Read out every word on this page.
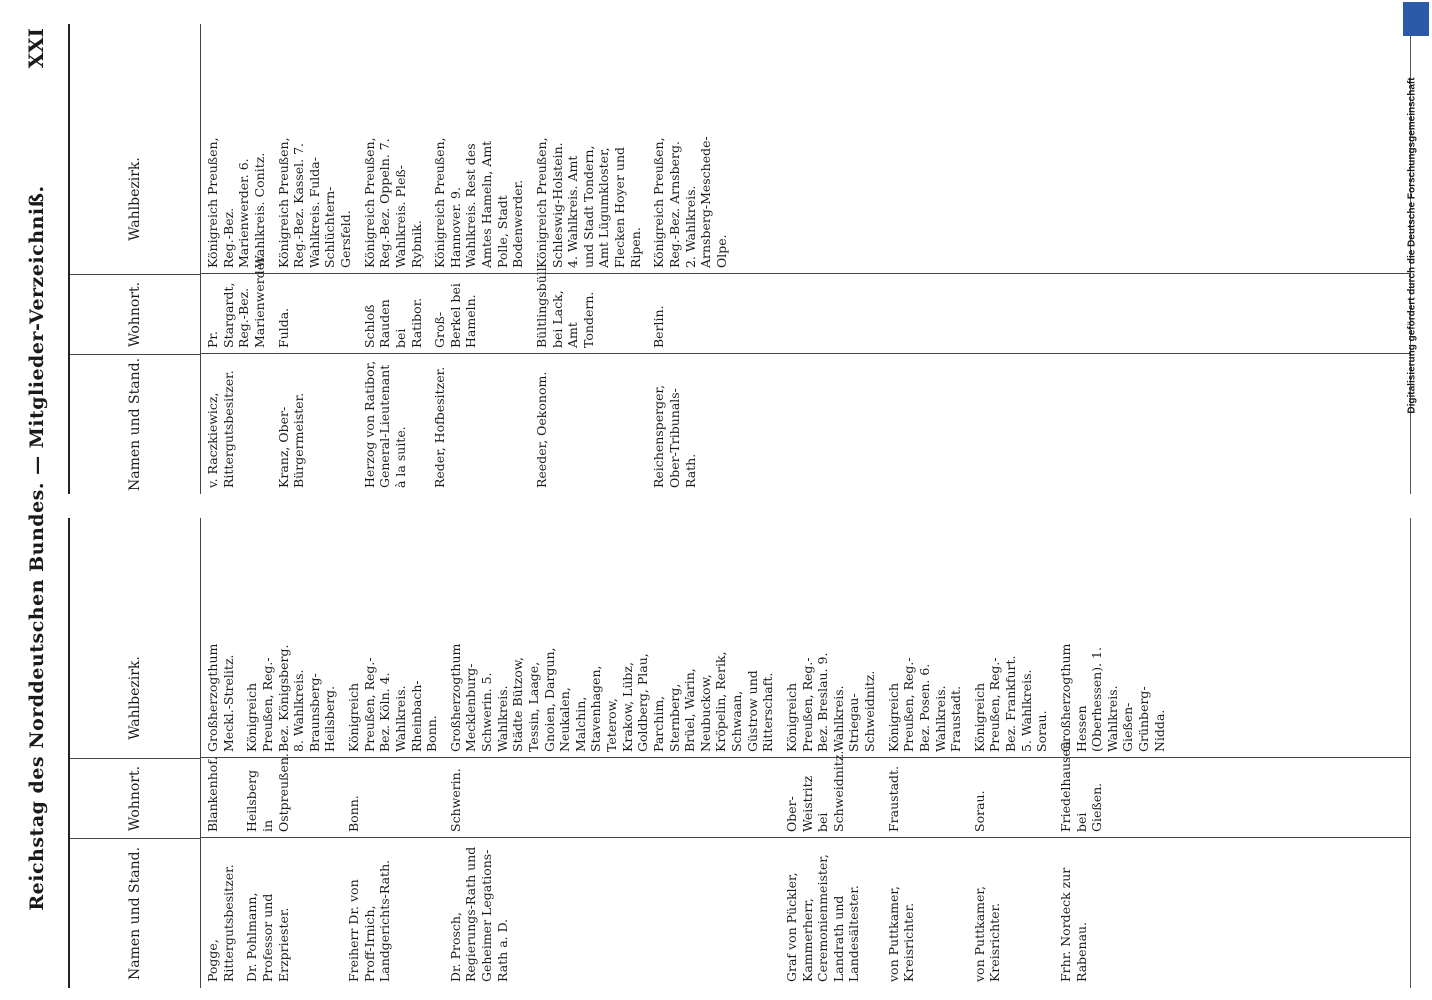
Reichstag des Norddeutschen Bundes. — Mitglieder-Verzeichniß.
XXI
Namen und Stand.
Wohnort.
Wahlbezirk.
Pogge, Rittergutsbesitzer.
Blankenhof.
Großherzogthum Meckl.-Strelitz.
Dr. Pohlmann, Professor und Erzpriester.
Heilsberg in Ostpreußen.
Königreich Preußen, Reg.-Bez. Königsberg. 8. Wahlkreis. Braunsberg-Heilsberg.
Freiherr Dr. von Proff-Irnich, Landgerichts-Rath.
Bonn.
Königreich Preußen, Reg.-Bez. Köln. 4. Wahlkreis. Rheinbach-Bonn.
Dr. Prosch, Regierungs-Rath und Geheimer Legations-Rath a. D.
Schwerin.
Großherzogthum Mecklenburg-Schwerin. 5. Wahlkreis. Städte Bützow, Tessin, Laage, Gnoien, Dargun, Neukalen, Malchin, Stavenhagen, Teterow, Krakow, Lübz, Goldberg, Plau, Parchim, Sternberg, Brüel, Warin, Neubuckow, Kröpelin, Rerik, Schwaan, Güstrow und Ritterschaft.
Graf von Pückler, Kammerherr, Ceremonienmeister, Landrath und Landesältester.
Ober-Weistritz bei Schweidnitz.
Königreich Preußen, Reg.-Bez. Breslau. 9. Wahlkreis. Striegau-Schweidnitz.
von Puttkamer, Kreisrichter.
Fraustadt.
Königreich Preußen, Reg.-Bez. Posen. 6. Wahlkreis. Fraustadt.
von Puttkamer, Kreisrichter.
Sorau.
Königreich Preußen, Reg.-Bez. Frankfurt. 5. Wahlkreis. Sorau.
Frhr. Nordeck zur Rabenau.
Friedelhausen bei Gießen.
Großherzogthum Hessen (Oberhessen). 1. Wahlkreis. Gießen-Grünberg-Nidda.
Namen und Stand.
Wohnort.
Wahlbezirk.
v. Raczkiewicz, Rittergutsbesitzer.
Pr. Stargardt, Reg.-Bez. Marienwerder.
Königreich Preußen, Reg.-Bez. Marienwerder. 6. Wahlkreis. Conitz.
Kranz, Ober-Bürgermeister.
Fulda.
Königreich Preußen, Reg.-Bez. Kassel. 7. Wahlkreis. Fulda-Schlüchtern-Gersfeld.
Herzog von Ratibor, General-Lieutenant à la suite.
Schloß Rauden bei Ratibor.
Königreich Preußen, Reg.-Bez. Oppeln. 7. Wahlkreis. Pleß-Rybnik.
Reder, Hofbesitzer.
Groß-Berkel bei Hameln.
Königreich Preußen, Hannover. 9. Wahlkreis. Rest des Amtes Hameln, Amt Polle, Stadt Bodenwerder.
Reeder, Oekonom.
Bültlingsbüll bei Lack, Amt Tondern.
Königreich Preußen, Schleswig-Holstein. 4. Wahlkreis. Amt und Stadt Tondern, Amt Lügumkloster, Flecken Hoyer und Ripen.
Reichensperger, Ober-Tribunals-Rath.
Berlin.
Königreich Preußen, Reg.-Bez. Arnsberg. 2. Wahlkreis. Arnsberg-Meschede-Olpe.	Digitalisierung gefördert durch die Deutsche Forschungsgemeinschaft
